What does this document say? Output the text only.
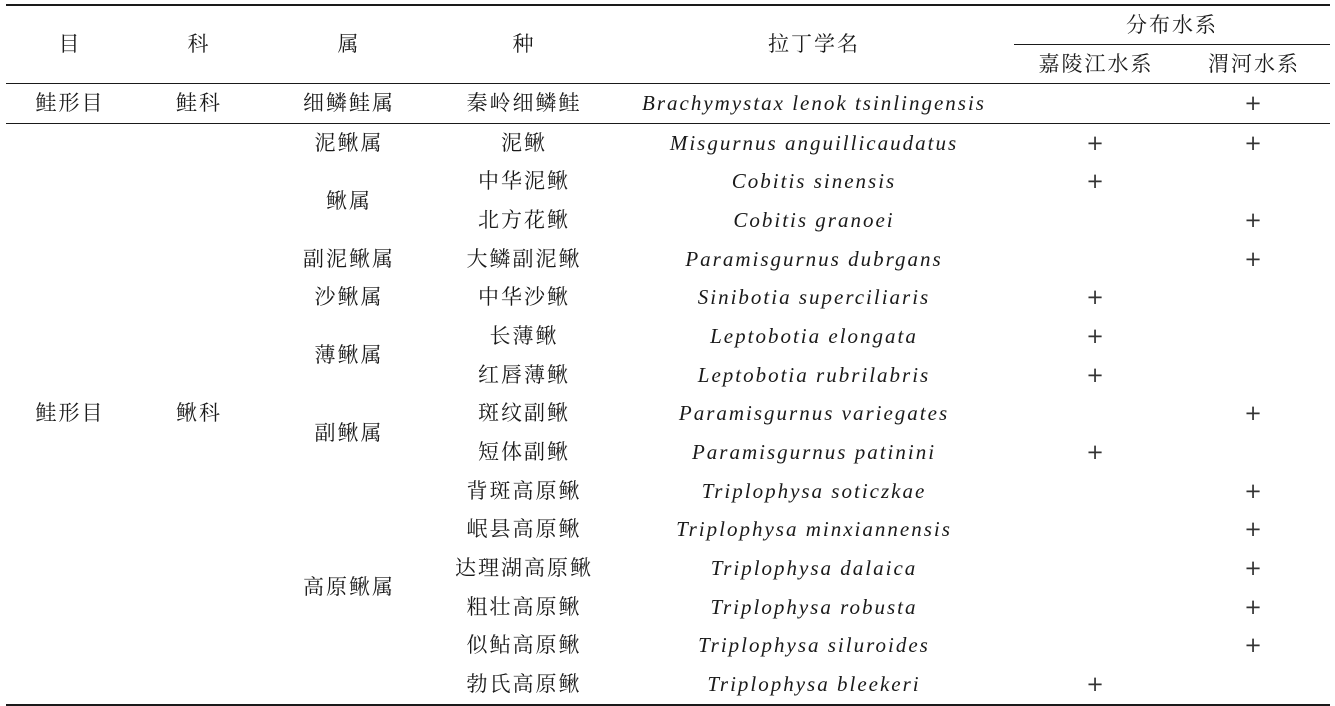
目	科	属	种	拉丁学名	分布水系	
					嘉陵江水系	渭河水系
鲑形目	鲑科	细鳞鲑属	秦岭细鳞鲑	Brachymystax lenok tsinlingensis		+
鲑形目	鳅科	泥鳅属	泥鳅	Misgurnus anguillicaudatus	+	+
		鳅属	中华泥鳅	Cobitis sinensis	+	
			北方花鳅	Cobitis granoei		+
		副泥鳅属	大鳞副泥鳅	Paramisgurnus dubrgans		+
		沙鳅属	中华沙鳅	Sinibotia superciliaris	+	
		薄鳅属	长薄鳅	Leptobotia elongata	+	
			红唇薄鳅	Leptobotia rubrilabris	+	
		副鳅属	斑纹副鳅	Paramisgurnus variegates		+
			短体副鳅	Paramisgurnus patinini	+	
		高原鳅属	背斑高原鳅	Triplophysa soticzkae		+
			岷县高原鳅	Triplophysa minxiannensis		+
			达理湖高原鳅	Triplophysa dalaica		+
			粗壮高原鳅	Triplophysa robusta		+
			似鲇高原鳅	Triplophysa siluroides		+
			勃氏高原鳅	Triplophysa bleekeri	+	
